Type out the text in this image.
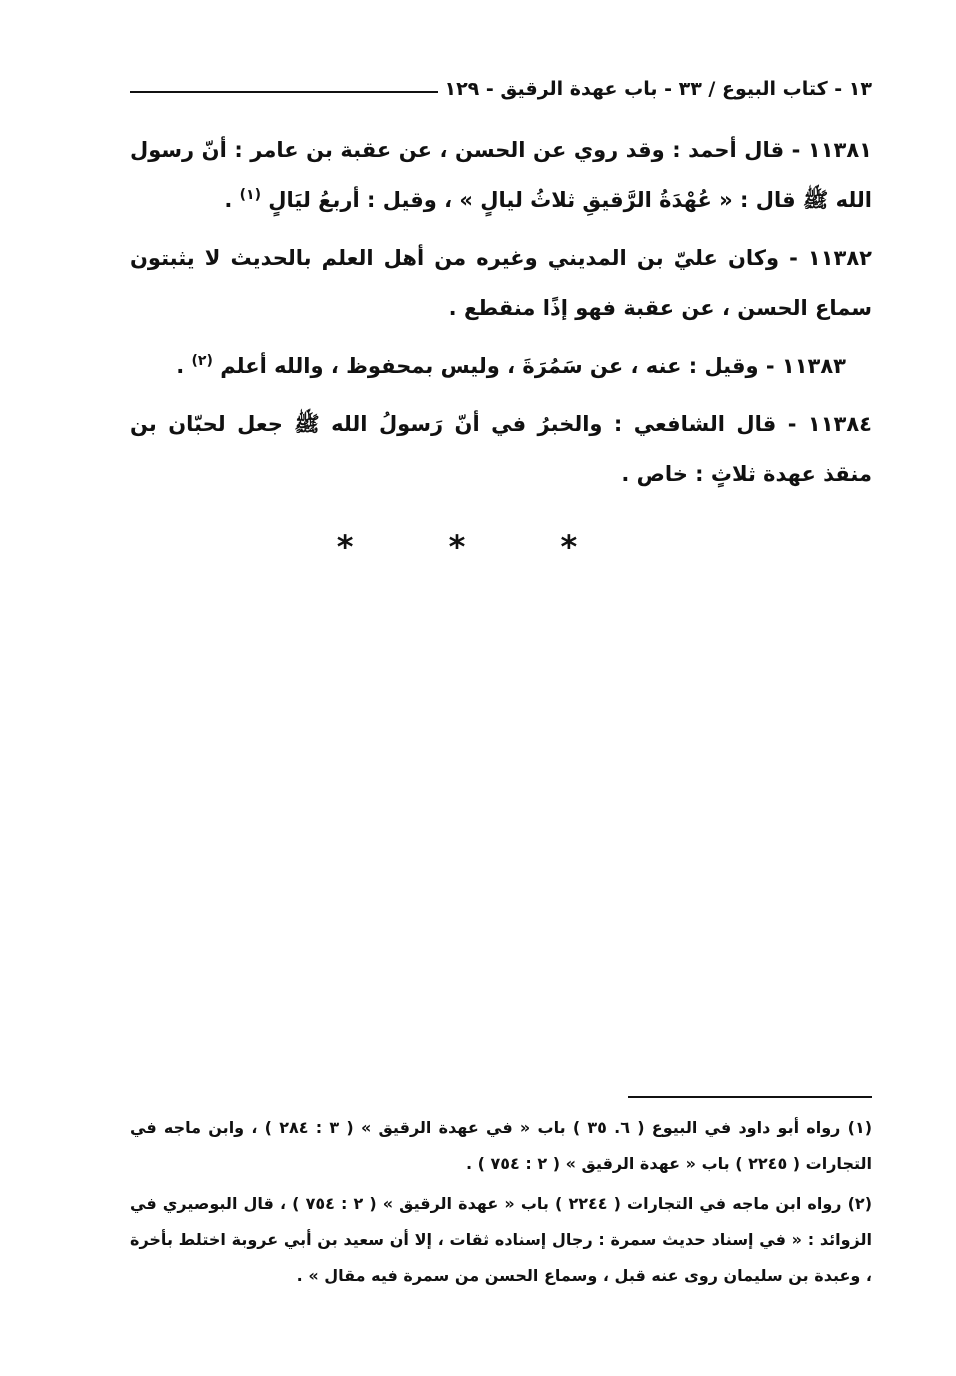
١٣ - كتاب البيوع / ٣٣ - باب عهدة الرقيق - ١٢٩

١١٣٨١ - قال أحمد : وقد روي عن الحسن ، عن عقبة بن عامر : أنّ رسول الله ﷺ قال : « عُهْدَةُ الرَّقيقِ ثلاثُ ليالٍ » ، وقيل : أربعُ ليَالٍ $^{(١)}$ .

١١٣٨٢ - وكان عليّ بن المديني وغيره من أهل العلم بالحديث لا يثبتون سماع الحسن ، عن عقبة فهو إذًا منقطع .

١١٣٨٣ - وقيل : عنه ، عن سَمُرَةَ ، وليس بمحفوظ ، والله أعلم $^{(٢)}$ .

١١٣٨٤ - قال الشافعي : والخبرُ في أنّ رَسولُ الله ﷺ جعل لحبّان بن منقذ عهدة ثلاثٍ : خاص .

* * *

(١) رواه أبو داود في البيوع ( ٦. ٣٥ ) باب « في عهدة الرقيق » ( ٣ : ٢٨٤ ) ، وابن ماجه في التجارات ( ٢٢٤٥ ) باب « عهدة الرقيق » ( ٢ : ٧٥٤ ) .

(٢) رواه ابن ماجه في التجارات ( ٢٢٤٤ ) باب « عهدة الرقيق » ( ٢ : ٧٥٤ ) ، قال البوصيري في الزوائد : « في إسناد حديث سمرة : رجال إسناده ثقات ، إلا أن سعيد بن أبي عروبة اختلط بأخرة ، وعبدة بن سليمان روى عنه قبل ، وسماع الحسن من سمرة فيه مقال » .
